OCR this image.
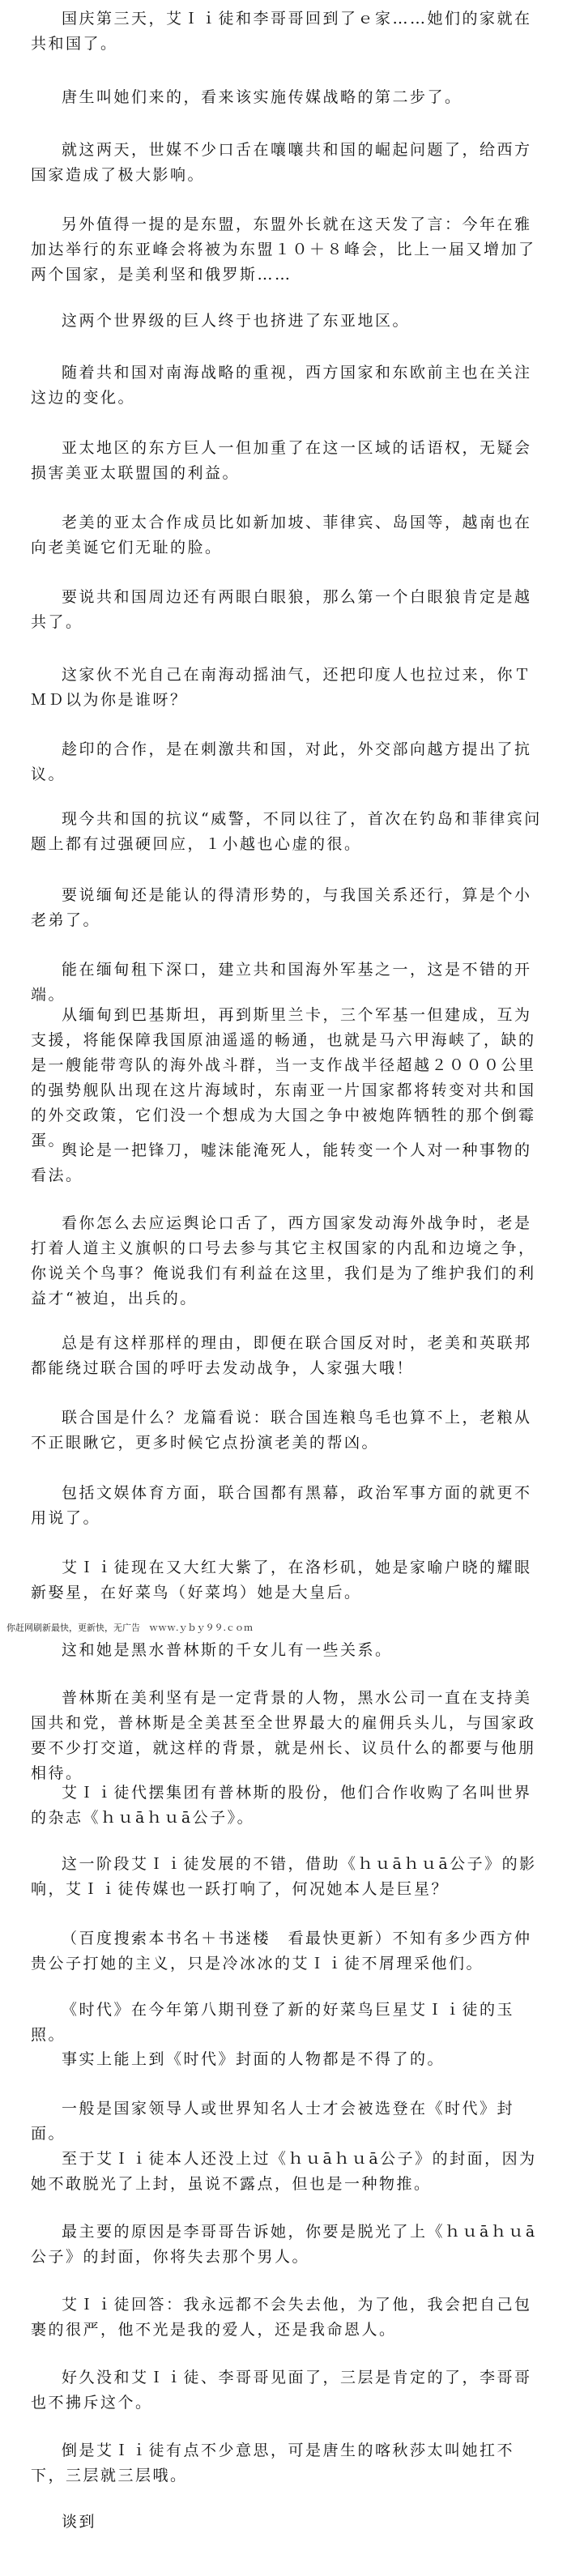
国庆第三天，艾Ｉｉ徒和李哥哥回到了ｅ家……她们的家就在共和国了。

唐生叫她们来的，看来该实施传媒战略的第二步了。

就这两天，世媒不少口舌在嚷嚷共和国的崛起问题了，给西方国家造成了极大影响。

另外值得一提的是东盟，东盟外长就在这天发了言：今年在雅加达举行的东亚峰会将被为东盟１０＋８峰会，比上一届又增加了两个国家，是美利坚和俄罗斯……

这两个世界级的巨人终于也挤进了东亚地区。

随着共和国对南海战略的重视，西方国家和东欧前主也在关注这边的变化。

亚太地区的东方巨人一但加重了在这一区域的话语权，无疑会损害美亚太联盟国的利益。

老美的亚太合作成员比如新加坡、菲律宾、岛国等，越南也在向老美诞它们无耻的脸。

要说共和国周边还有两眼白眼狼，那么第一个白眼狼肯定是越共了。

这家伙不光自己在南海动摇油气，还把印度人也拉过来，你ＴＭＤ以为你是谁呀？

趁印的合作，是在刺激共和国，对此，外交部向越方提出了抗议。

现今共和国的抗议“威警，不同以往了，首次在钓岛和菲律宾问题上都有过强硬回应，１小越也心虚的很。

要说缅甸还是能认的得清形势的，与我国关系还行，算是个小老弟了。

能在缅甸租下深口，建立共和国海外军基之一，这是不错的开端。

从缅甸到巴基斯坦，再到斯里兰卡，三个军基一但建成，互为支援，将能保障我国原油遥遥的畅通，也就是马六甲海峡了，缺的是一艘能带弯队的海外战斗群，当一支作战半径超越２０００公里的强势舰队出现在这片海域时，东南亚一片国家都将转变对共和国的外交政策，它们没一个想成为大国之争中被炮阵牺牲的那个倒霉蛋。

舆论是一把锋刀，嘘沫能淹死人，能转变一个人对一种事物的看法。

看你怎么去应运舆论口舌了，西方国家发动海外战争时，老是打着人道主义旗帜的口号去参与其它主权国家的内乱和边境之争，你说关个鸟事？俺说我们有利益在这里，我们是为了维护我们的利益才“被迫，出兵的。

总是有这样那样的理由，即便在联合国反对时，老美和英联邦都能绕过联合国的呼吁去发动战争，人家强大哦！

联合国是什么？龙篇看说：联合国连粮鸟毛也算不上，老粮从不正眼瞅它，更多时候它点扮演老美的帮凶。

包括文娱体育方面，联合国都有黑幕，政治军事方面的就更不用说了。

艾Ｉｉ徒现在又大红大紫了，在洛杉矶，她是家喻户晓的耀眼新娶星，在好菜鸟（好菜坞）她是大皇后。

你赶网刷新最快，更新快，无广告　ｗｗｗ.ｙｂｙ９９.ｃｏｍ

这和她是黑水普林斯的千女儿有一些关系。

普林斯在美利坚有是一定背景的人物，黑水公司一直在支持美国共和党，普林斯是全美甚至全世界最大的雇佣兵头儿，与国家政要不少打交道，就这样的背景，就是州长、议员什么的都要与他朋相待。

艾Ｉｉ徒代摆集团有普林斯的股份，他们合作收购了名叫世界的杂志《ｈｕāｈｕā公子》。

这一阶段艾Ｉｉ徒发展的不错，借助《ｈｕāｈｕā公子》的影响，艾Ｉｉ徒传媒也一跃打响了，何况她本人是巨星？

（百度搜索本书名＋书迷楼　看最快更新）不知有多少西方仲贵公子打她的主义，只是冷冰冰的艾Ｉｉ徒不屑理采他们。

《时代》在今年第八期刊登了新的好菜鸟巨星艾Ｉｉ徒的玉照。

事实上能上到《时代》封面的人物都是不得了的。

一般是国家领导人或世界知名人士才会被选登在《时代》封面。

至于艾Ｉｉ徒本人还没上过《ｈｕāｈｕā公子》的封面，因为她不敢脱光了上封，虽说不露点，但也是一种物推。

最主要的原因是李哥哥告诉她，你要是脱光了上《ｈｕāｈｕā公子》的封面，你将失去那个男人。

艾Ｉｉ徒回答：我永远都不会失去他，为了他，我会把自己包裹的很严，他不光是我的爱人，还是我命恩人。

好久没和艾Ｉｉ徒、李哥哥见面了，三层是肯定的了，李哥哥也不拂斥这个。

倒是艾Ｉｉ徒有点不少意思，可是唐生的喀秋莎太叫她扛不下，三层就三层哦。

谈到
